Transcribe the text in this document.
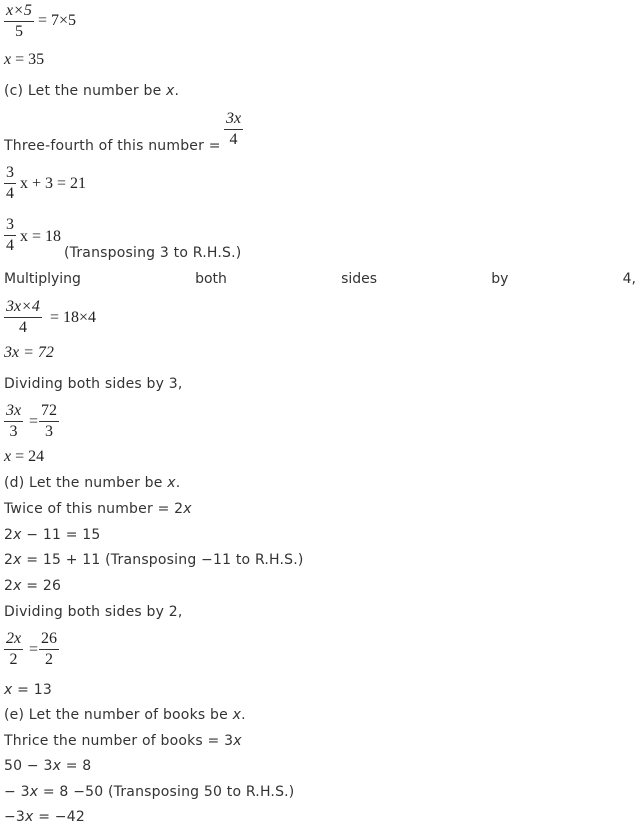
x×5
5
= 7×5
x = 35
(c) Let the number be x.
Three-fourth of this number =
3x
4
3
4
x + 3 = 21
3
4
x = 18
(Transposing 3 to R.H.S.)
Multiplying	both	sides	by	4,
3x×4
4
= 18×4
3x = 72
Dividing both sides by 3,
3x
3
=
72
3
x = 24
(d) Let the number be x.
Twice of this number = 2x
2x − 11 = 15
2x = 15 + 11 (Transposing −11 to R.H.S.)
2x = 26
Dividing both sides by 2,
2x
2
=
26
2
x = 13
(e) Let the number of books be x.
Thrice the number of books = 3x
50 − 3x = 8
− 3x = 8 −50 (Transposing 50 to R.H.S.)
−3x = −42
